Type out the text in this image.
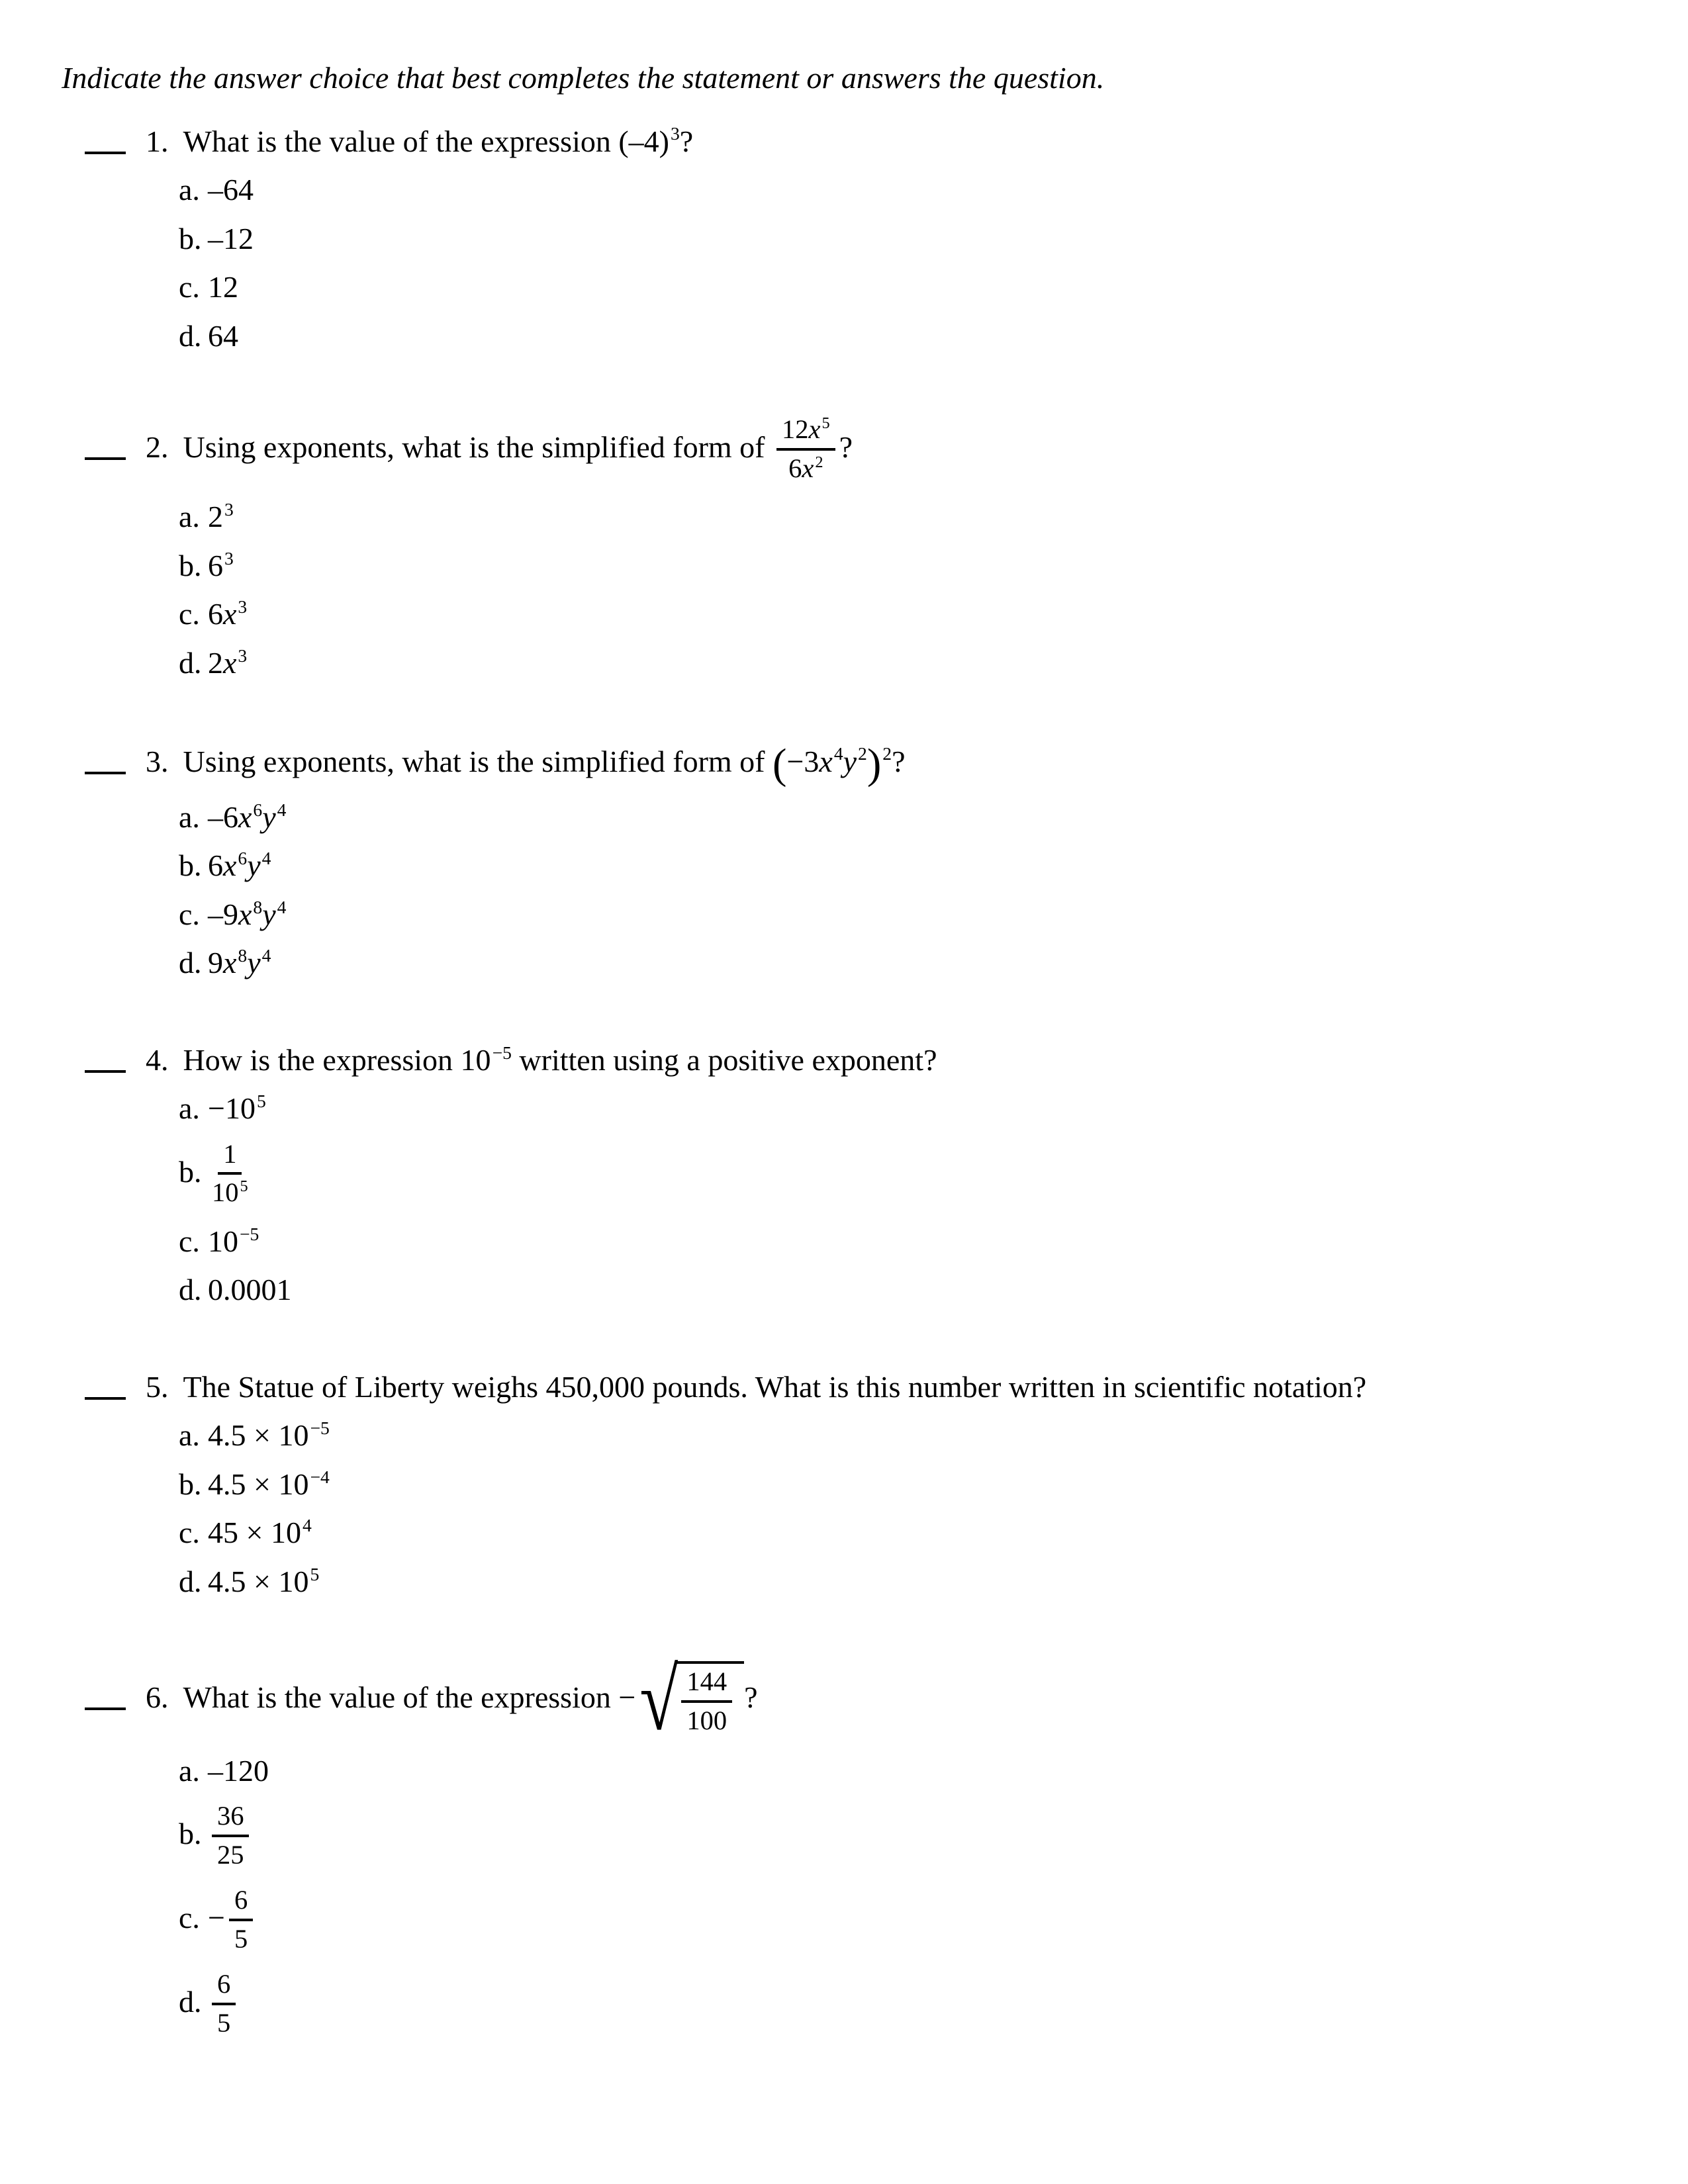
Indicate the answer choice that best completes the statement or answers the question.
1. What is the value of the expression $(-4)^3$?
a. –64
b. –12
c. 12
d. 64
2. Using exponents, what is the simplified form of $\frac{12x^5}{6x^2}$ ?
a. $2^3$
b. $6^3$
c. $6x^3$
d. $2x^3$
3. Using exponents, what is the simplified form of $(-3x^4y^2)^2$?
a. $-6x^6y^4$
b. $6x^6y^4$
c. $-9x^8y^4$
d. $9x^8y^4$
4. How is the expression $10^{-5}$ written using a positive exponent?
a. $-10^5$
b. $\frac{1}{10^5}$
c. $10^{-5}$
d. 0.0001
5. The Statue of Liberty weighs 450,000 pounds. What is this number written in scientific notation?
a. $4.5 \times 10^{-5}$
b. $4.5 \times 10^{-4}$
c. $45 \times 10^4$
d. $4.5 \times 10^5$
6. What is the value of the expression − √ $\frac{144}{100}$ ?
a. –120
b. $\frac{36}{25}$
c. − $\frac{6}{5}$
d. $\frac{6}{5}$
